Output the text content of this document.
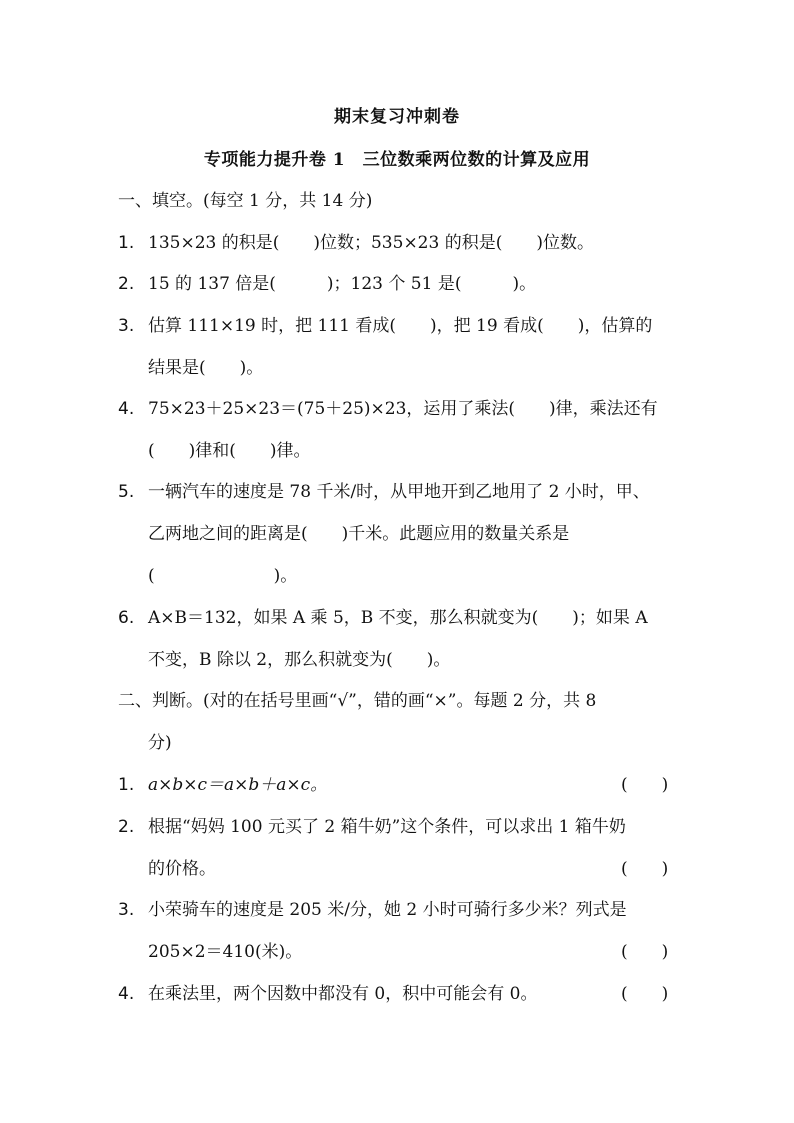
期末复习冲刺卷
专项能力提升卷 1　三位数乘两位数的计算及应用
一、填空。(每空 1 分，共 14 分)
1. 135×23 的积是(　　)位数；535×23 的积是(　　)位数。
2. 15 的 137 倍是(　　　)；123 个 51 是(　　　)。
3. 估算 111×19 时，把 111 看成(　　)，把 19 看成(　　)，估算的
结果是(　　)。
4. 75×23＋25×23＝(75＋25)×23，运用了乘法(　　)律，乘法还有
(　　)律和(　　)律。
5. 一辆汽车的速度是 78 千米/时，从甲地开到乙地用了 2 小时，甲、
乙两地之间的距离是(　　)千米。此题应用的数量关系是
(　　　　　　　)。
6. A×B＝132，如果 A 乘 5，B 不变，那么积就变为(　　)；如果 A
不变，B 除以 2，那么积就变为(　　)。
二、判断。(对的在括号里画“√”，错的画“×”。每题 2 分，共 8
分)
1. a×b×c＝a×b＋a×c。	(　　)
2. 根据“妈妈 100 元买了 2 箱牛奶”这个条件，可以求出 1 箱牛奶
的价格。	(　　)
3. 小荣骑车的速度是 205 米/分，她 2 小时可骑行多少米？列式是
205×2＝410(米)。	(　　)
4. 在乘法里，两个因数中都没有 0，积中可能会有 0。	(　　)
